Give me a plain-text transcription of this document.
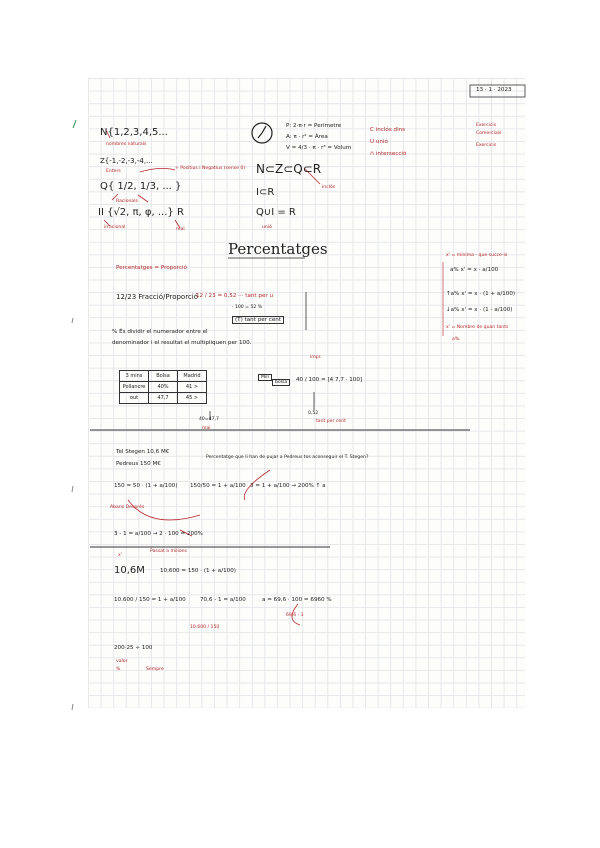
13 · 1 · 2023
N{1,2,3,4,5...
nombres naturals
Z{-1,-2,-3,-4,...
Enters
+ Positius i Negatius (sense 0)
Q{ 1/2, 1/3, ... }
Racionals
II {√2, π, φ, ...} R
irracional	real
P: 2·π·r = Perímetre
A: π · r² = Àrea
V = 4/3 · π · r³ = Volum
N⊂Z⊂Q⊂R
inclós
I⊂R
Q∪I = R
unió
C inclós dins
U unió
∩ intersecció
Exercicis
Comercials
Exercicis
Percentatges
Percentatges = Proporció
12/23 Fracció/Proporció
12 / 23 = 0,52 ··· tant per u
· 100 = 52 %
(T) tant per cent
% És dividir el numerador entre el
denominador i el resultat el multipliquen per 100.
x' = mínima - que succe-ix
a% x' = x · a/100
↑a% x' = x · (1 + a/100)
↓a% x' = x · (1 - a/100)
x' = Nombre de quan tants
a%.
3 mins	Bolsa	Madrid
Pollancre	40%	41 >
out	47,7	45 >
40=47,7
mai
impr.
Min
bolsa	40 / 100 = [4 7,7 · 100]
0,52
tant per cent
Tel Stegen 10,6 M€
Pedreus 150 M€
Percentatge que li han de pujar a Pedreus tos aconseguir el T. Stegen?
150 = 50 · (1 + a/100) 150/50 = 1 + a/100 3 = 1 + a/100 → 200% ↑ a
Abans Després
3 - 1 = a/100 → 2 · 100 = 200%
Passat a milions
x'
10,6M	10,600 = 150 · (1 + a/100)
10.600 / 150 = 1 + a/100	70,6 - 1 = a/100	a = 69,6 · 100 = 6960 %
10.600 / 150
69,6 - 1
200·25 ÷ 100
%	Sempre
valor
